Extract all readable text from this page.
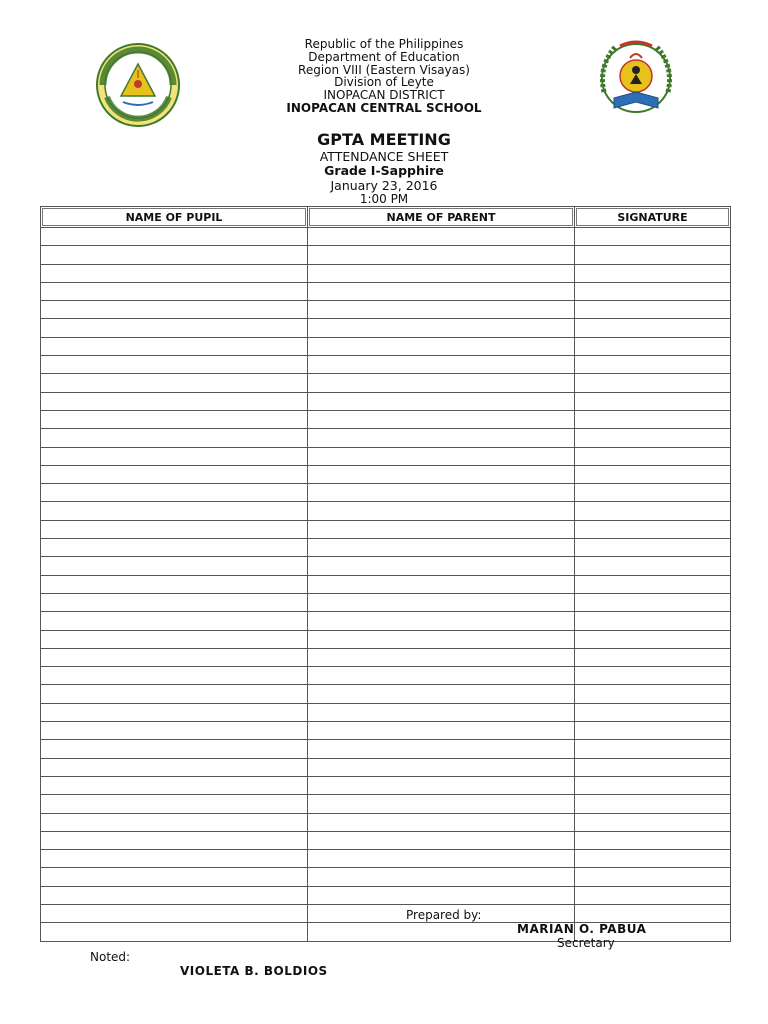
Republic of the Philippines
Department of Education
Region VIII (Eastern Visayas)
Division of Leyte
INOPACAN DISTRICT
INOPACAN CENTRAL SCHOOL
GPTA MEETING
ATTENDANCE SHEET
Grade I-Sapphire
January 23, 2016
1:00 PM
NAME OF PUPIL	NAME OF PARENT	SIGNATURE

Prepared by:
MARIAN O. PABUA
Secretary
Noted:
VIOLETA B. BOLDIOS
